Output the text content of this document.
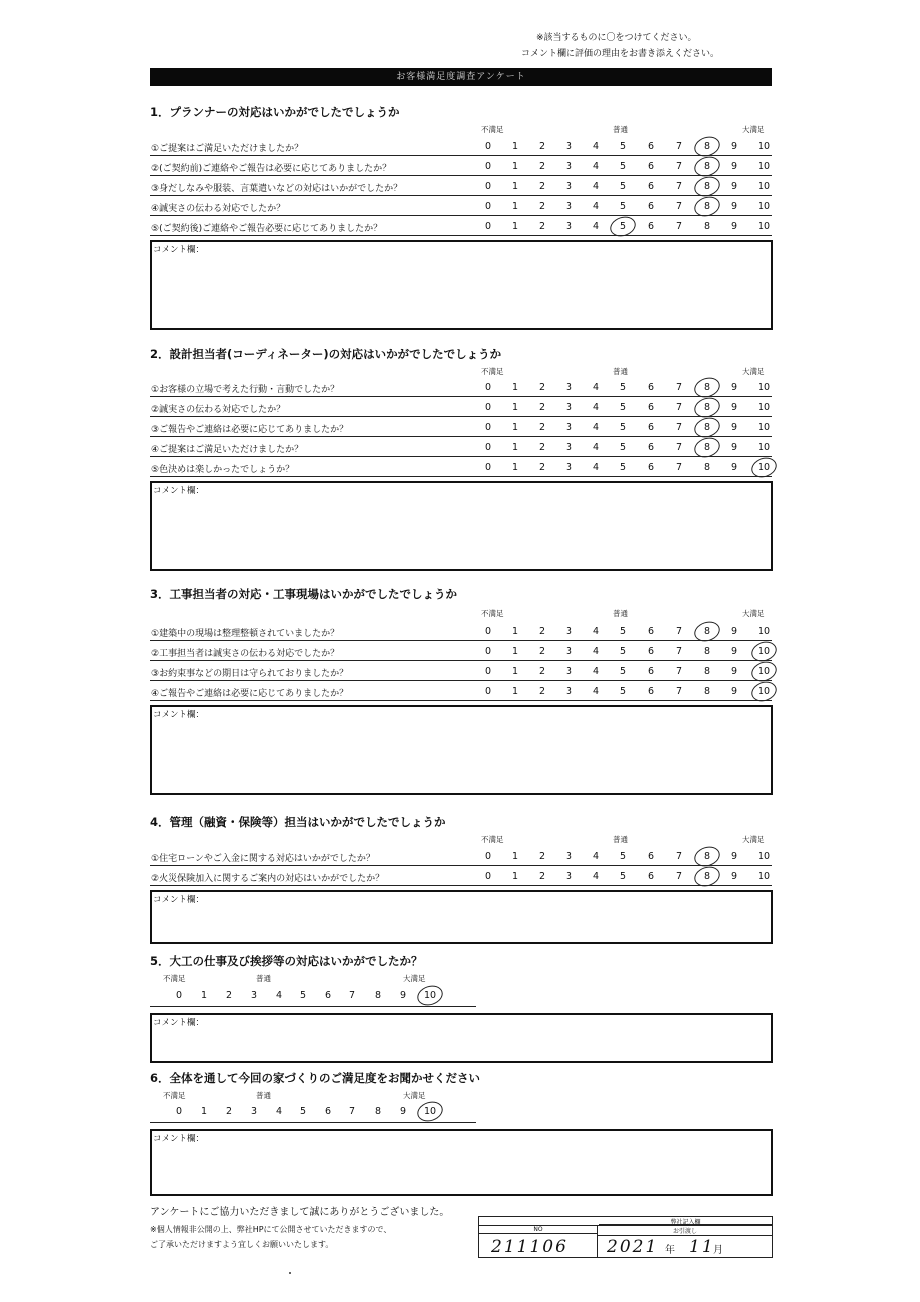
※該当するものに〇をつけてください。
コメント欄に評価の理由をお書き添えください。
お客様満足度調査アンケート
1．プランナーの対応はいかがでしたでしょうか
不満足	普通	大満足
①ご提案はご満足いただけましたか？	0	1	2	3	4	5	6	7	8	9	10
②(ご契約前)ご連絡やご報告は必要に応じてありましたか？	0	1	2	3	4	5	6	7	8	9	10
③身だしなみや服装、言葉遣いなどの対応はいかがでしたか？	0	1	2	3	4	5	6	7	8	9	10
④誠実さの伝わる対応でしたか？	0	1	2	3	4	5	6	7	8	9	10
⑤(ご契約後)ご連絡やご報告必要に応じてありましたか？	0	1	2	3	4	5	6	7	8	9	10
コメント欄：
2．設計担当者(コーディネーター)の対応はいかがでしたでしょうか
不満足	普通	大満足
①お客様の立場で考えた行動・言動でしたか？	0	1	2	3	4	5	6	7	8	9	10
②誠実さの伝わる対応でしたか？	0	1	2	3	4	5	6	7	8	9	10
③ご報告やご連絡は必要に応じてありましたか？	0	1	2	3	4	5	6	7	8	9	10
④ご提案はご満足いただけましたか？	0	1	2	3	4	5	6	7	8	9	10
⑤色決めは楽しかったでしょうか？	0	1	2	3	4	5	6	7	8	9	10
コメント欄：
3．工事担当者の対応・工事現場はいかがでしたでしょうか
不満足	普通	大満足
①建築中の現場は整理整頓されていましたか？	0	1	2	3	4	5	6	7	8	9	10
②工事担当者は誠実さの伝わる対応でしたか？	0	1	2	3	4	5	6	7	8	9	10
③お約束事などの期日は守られておりましたか？	0	1	2	3	4	5	6	7	8	9	10
④ご報告やご連絡は必要に応じてありましたか？	0	1	2	3	4	5	6	7	8	9	10
コメント欄：
4．管理（融資・保険等）担当はいかがでしたでしょうか
不満足	普通	大満足
①住宅ローンやご入金に関する対応はいかがでしたか？	0	1	2	3	4	5	6	7	8	9	10
②火災保険加入に関するご案内の対応はいかがでしたか？	0	1	2	3	4	5	6	7	8	9	10
コメント欄：
5．大工の仕事及び挨拶等の対応はいかがでしたか？
不満足	普通	大満足
0	1	2	3	4	5	6	7	8	9	10
コメント欄：
6．全体を通して今回の家づくりのご満足度をお聞かせください
不満足	普通	大満足
0	1	2	3	4	5	6	7	8	9	10
コメント欄：
アンケートにご協力いただきまして誠にありがとうございました。
※個人情報非公開の上、弊社HPにて公開させていただきますので、
ご了承いただけますよう宜しくお願いいたします。
弊社記入欄
NO	お引渡し
211106 2021 年 11
月
